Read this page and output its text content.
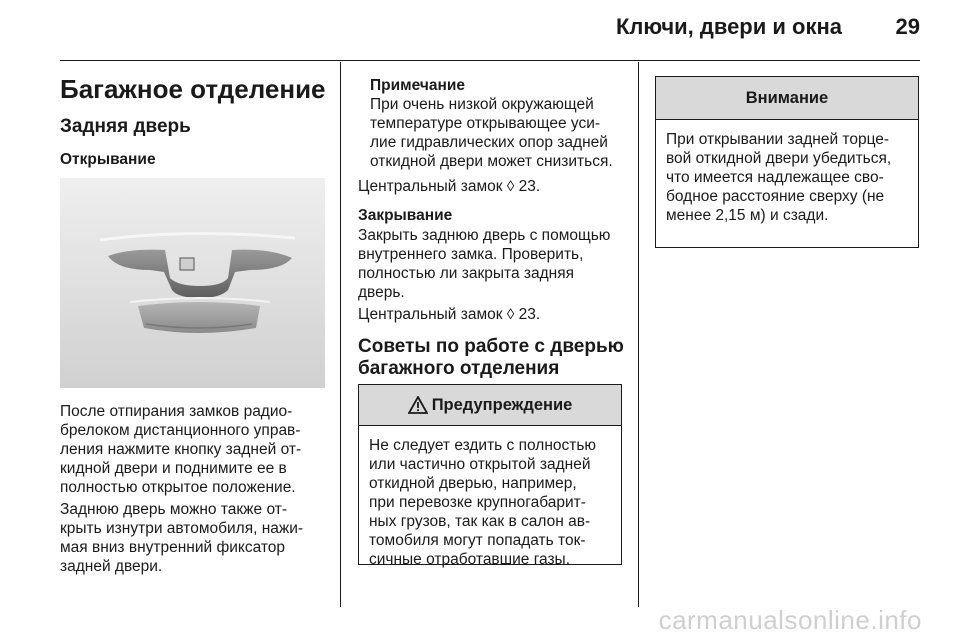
Ключи, двери и окна 29
Багажное отделение
Задняя дверь
Открывание
После отпирания замков радио-
брелоком дистанционного управ-
ления нажмите кнопку задней от-
кидной двери и поднимите ее в
полностью открытое положение.
Заднюю дверь можно также от-
крыть изнутри автомобиля, нажи-
мая вниз внутренний фиксатор
задней двери.
Примечание
При очень низкой окружающей
температуре открывающее уси-
лие гидравлических опор задней
откидной двери может снизиться.
Центральный замок ◊ 23.
Закрывание
Закрыть заднюю дверь с помощью
внутреннего замка. Проверить,
полностью ли закрыта задняя
дверь.
Центральный замок ◊ 23.
Советы по работе с дверью
багажного отделения
Предупреждение
Не следует ездить с полностью
или частично открытой задней
откидной дверью, например,
при перевозке крупногабарит-
ных грузов, так как в салон ав-
томобиля могут попадать ток-
сичные отработавшие газы.
Внимание
При открывании задней торце-
вой откидной двери убедиться,
что имеется надлежащее сво-
бодное расстояние сверху (не
менее 2,15 м) и сзади.
carmanualsonline.info
